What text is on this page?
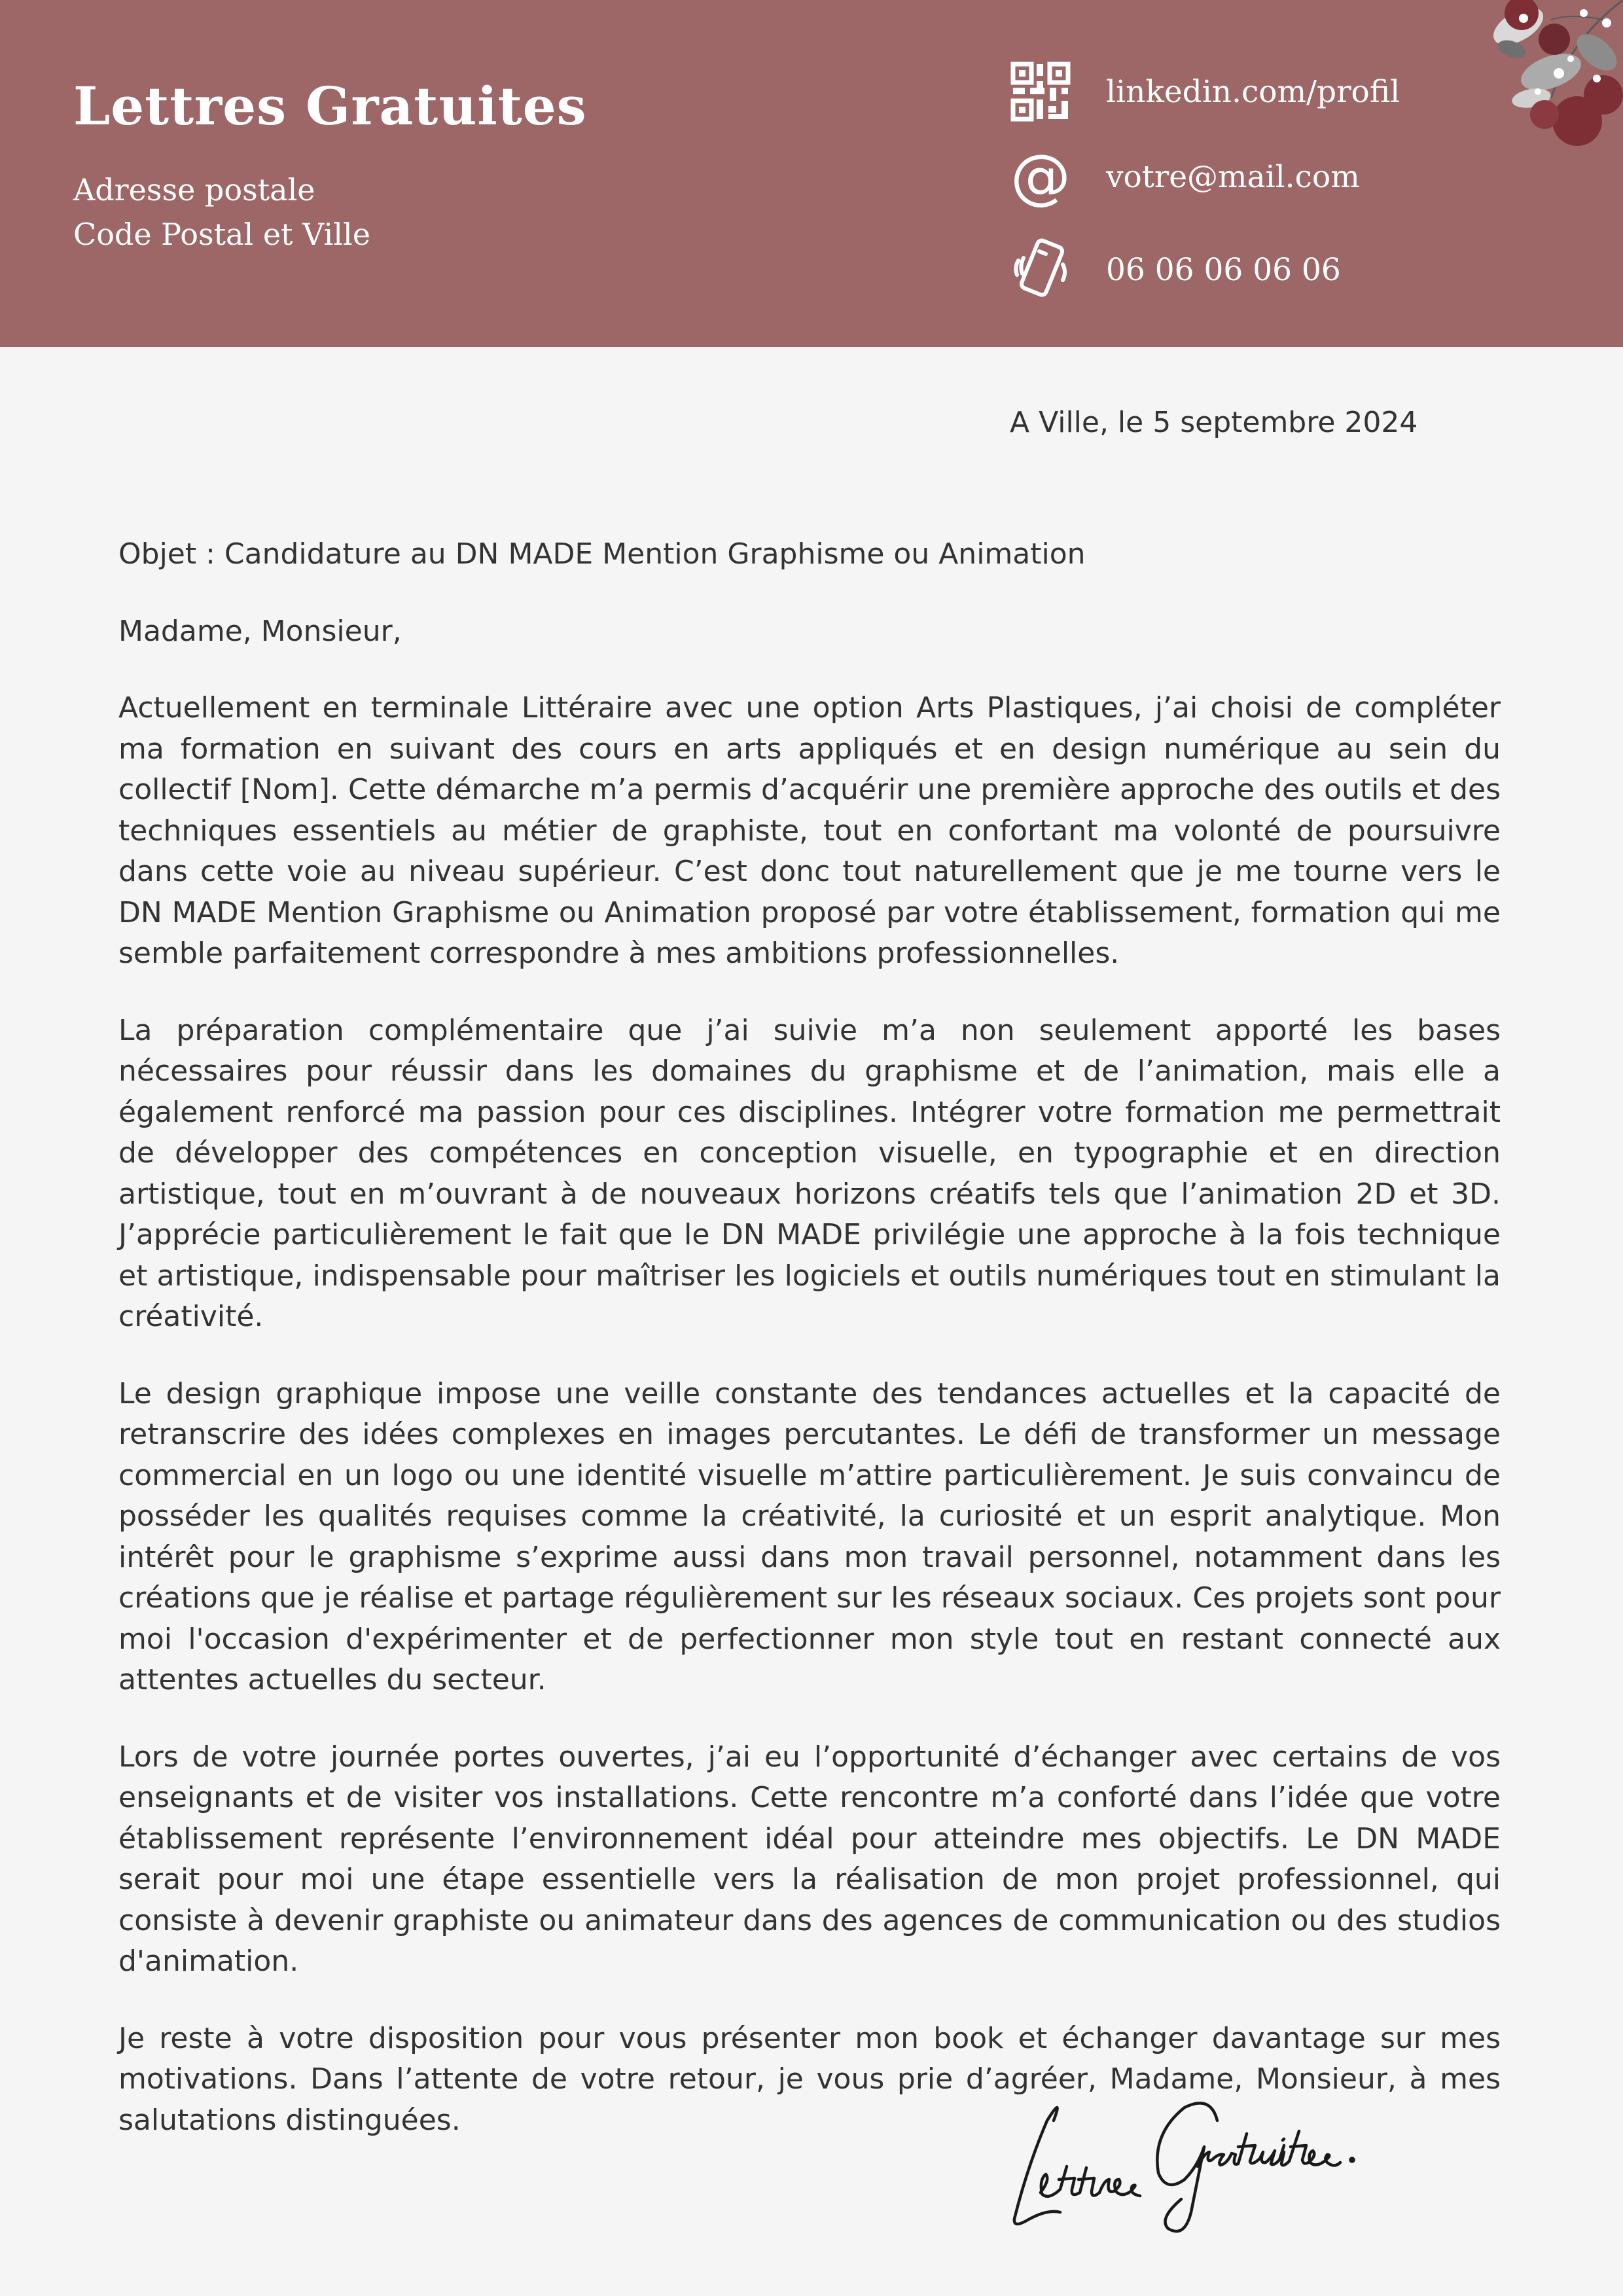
Lettres Gratuites
Adresse postale
Code Postal et Ville
linkedin.com/profil
@ votre@mail.com
06 06 06 06 06
A Ville, le 5 septembre 2024

Objet : Candidature au DN MADE Mention Graphisme ou Animation

Madame, Monsieur,

Actuellement en terminale Littéraire avec une option Arts Plastiques, j’ai choisi de compléter ma formation en suivant des cours en arts appliqués et en design numérique au sein du collectif [Nom]. Cette démarche m’a permis d’acquérir une première approche des outils et des techniques essentiels au métier de graphiste, tout en confortant ma volonté de poursuivre dans cette voie au niveau supérieur. C’est donc tout naturellement que je me tourne vers le DN MADE Mention Graphisme ou Animation proposé par votre établissement, formation qui me semble parfaitement correspondre à mes ambitions professionnelles.

La préparation complémentaire que j’ai suivie m’a non seulement apporté les bases nécessaires pour réussir dans les domaines du graphisme et de l’animation, mais elle a également renforcé ma passion pour ces disciplines. Intégrer votre formation me permettrait de développer des compétences en conception visuelle, en typographie et en direction artistique, tout en m’ouvrant à de nouveaux horizons créatifs tels que l’animation 2D et 3D. J’apprécie particulièrement le fait que le DN MADE privilégie une approche à la fois technique et artistique, indispensable pour maîtriser les logiciels et outils numériques tout en stimulant la créativité.

Le design graphique impose une veille constante des tendances actuelles et la capacité de retranscrire des idées complexes en images percutantes. Le défi de transformer un message commercial en un logo ou une identité visuelle m’attire particulièrement. Je suis convaincu de posséder les qualités requises comme la créativité, la curiosité et un esprit analytique. Mon intérêt pour le graphisme s’exprime aussi dans mon travail personnel, notamment dans les créations que je réalise et partage régulièrement sur les réseaux sociaux. Ces projets sont pour moi l'occasion d'expérimenter et de perfectionner mon style tout en restant connecté aux attentes actuelles du secteur.

Lors de votre journée portes ouvertes, j’ai eu l’opportunité d’échanger avec certains de vos enseignants et de visiter vos installations. Cette rencontre m’a conforté dans l’idée que votre établissement représente l’environnement idéal pour atteindre mes objectifs. Le DN MADE serait pour moi une étape essentielle vers la réalisation de mon projet professionnel, qui consiste à devenir graphiste ou animateur dans des agences de communication ou des studios d'animation.

Je reste à votre disposition pour vous présenter mon book et échanger davantage sur mes motivations. Dans l’attente de votre retour, je vous prie d’agréer, Madame, Monsieur, à mes salutations distinguées.
